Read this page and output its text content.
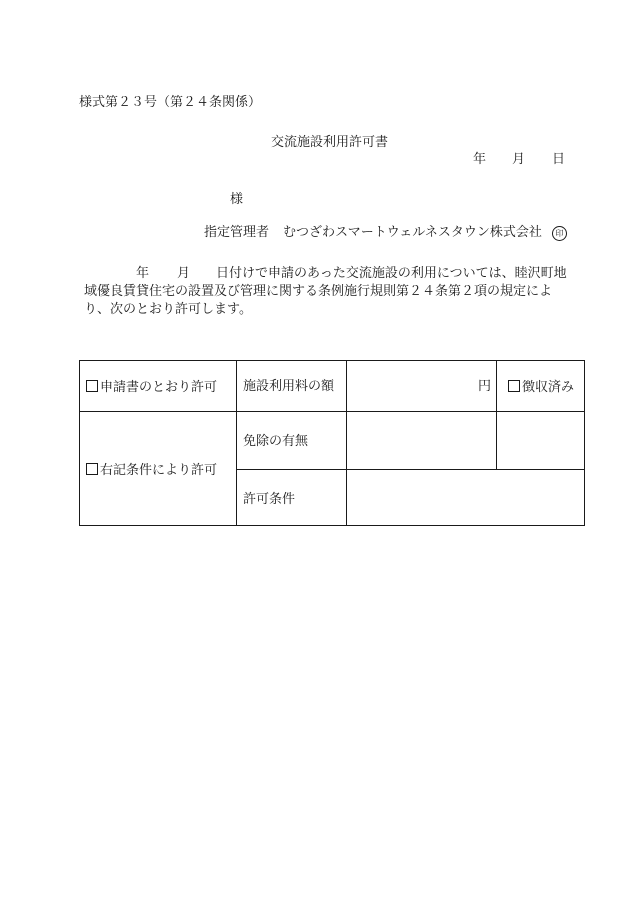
様式第２３号（第２４条関係）
交流施設利用許可書
年 月 日
様
指定管理者 むつざわスマートウェルネスタウン株式会社 印
年 月 日付けで申請のあった交流施設の利用については、睦沢町地
域優良賃貸住宅の設置及び管理に関する条例施行規則第２４条第２項の規定によ
り、次のとおり許可します。
申請書のとおり許可 施設利用料の額	円	徴収済み
右記条件により許可
免除の有無
許可条件
